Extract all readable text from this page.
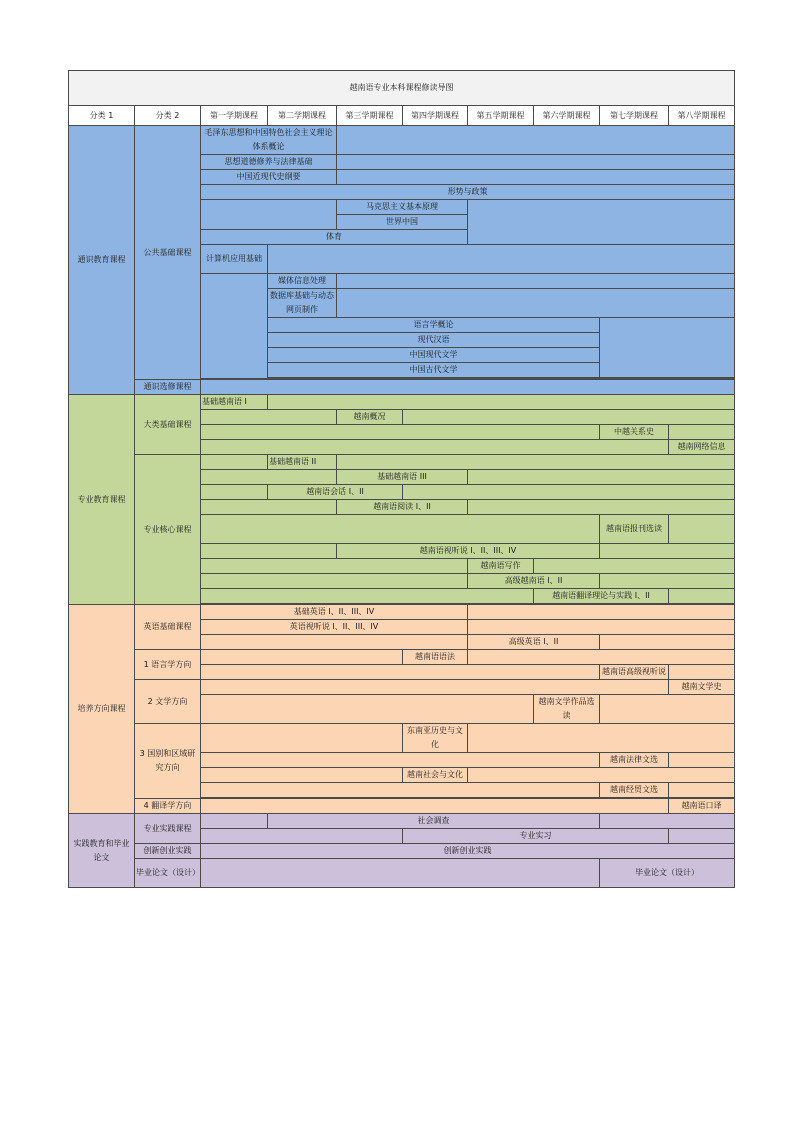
越南语专业本科课程修读导图									
分类 1	分类 2	第一学期课程	第二学期课程	第三学期课程	第四学期课程	第五学期课程	第六学期课程	第七学期课程	第八学期课程
通识教育课程	公共基础课程	毛泽东思想和中国特色社会主义理论体系概论							
		思想道德修养与法律基础							
		中国近现代史纲要							
		形势与政策							
				马克思主义基本原理					
				世界中国					
		体育							
		计算机应用基础							
			媒体信息处理						
			数据库基础与动态网页制作						
			语言学概论						
			现代汉语						
			中国现代文学						
			中国古代文学						

	通识选修课程								
专业教育课程	大类基础课程	基础越南语 I							
				越南概况					
								中越关系史	
									越南网络信息
	专业核心课程		基础越南语 II						
				基础越南语 III					
			越南语会话 I、II						
				越南语阅读 I、II					
								越南语报刊选读	
				越南语视听说 I、II、III、IV					
						越南语写作			
						高级越南语 I、II			
							越南语翻译理论与实践 I、II		

培养方向课程	英语基础课程	基础英语 I、II、III、IV							
		英语视听说 I、II、III、IV							
						高级英语 I、II			
	1 语言学方向				越南语语法				
								越南语高级视听说	
	2 文学方向								越南文学史
							越南文学作品选读		
	3 国别和区域研究方向				东南亚历史与文化				
								越南法律文选	
					越南社会与文化				
								越南经贸文选	

	4 翻译学方向								越南语口译
实践教育和毕业论文	专业实践课程		社会调查						
					专业实习				
	创新创业实践	创新创业实践							
	毕业论文（设计）							毕业论文（设计）	
